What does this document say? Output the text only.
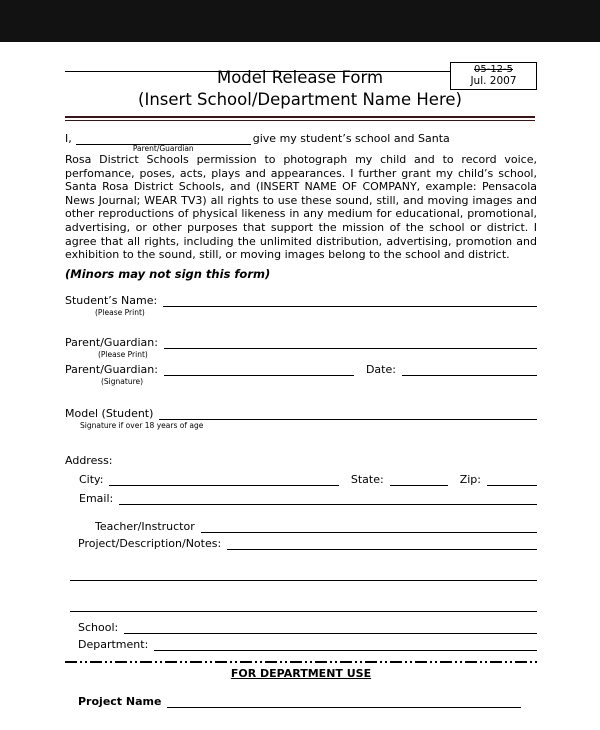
05-12-5
Jul. 2007
Model Release Form
(Insert School/Department Name Here)
I,
Parent/Guardian
give my student’s school and Santa
Rosa District Schools permission to photograph my child and to record voice, perfomance, poses, acts, plays and appearances. I further grant my child’s school, Santa Rosa District Schools, and (INSERT NAME OF COMPANY, example: Pensacola News Journal; WEAR TV3) all rights to use these sound, still, and moving images and other reproductions of physical likeness in any medium for educational, promotional, advertising, or other purposes that support the mission of the school or district. I agree that all rights, including the unlimited distribution, advertising, promotion and exhibition to the sound, still, or moving images belong to the school and district.
(Minors may not sign this form)
Student’s Name:
(Please Print)
Parent/Guardian:
(Please Print)
Parent/Guardian:	Date:
(Signature)
Model (Student)
Signature if over 18 years of age
Address:
City:	State:	Zip:
Email:
Teacher/Instructor
Project/Description/Notes:
School:
Department:
FOR DEPARTMENT USE
Project Name
